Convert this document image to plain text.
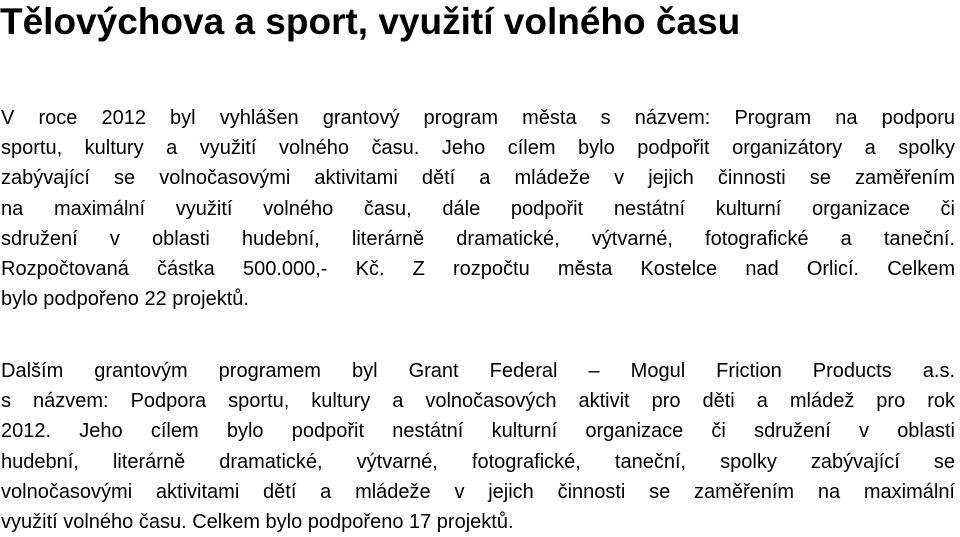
Tělovýchova a sport, využití volného času
V roce 2012 byl vyhlášen grantový program města s názvem: Program na podporu
sportu, kultury a využití volného času. Jeho cílem bylo podpořit organizátory a spolky
zabývající se volnočasovými aktivitami dětí a mládeže v jejich činnosti se zaměřením
na maximální využití volného času, dále podpořit nestátní kulturní organizace či
sdružení v oblasti hudební, literárně dramatické, výtvarné, fotografické a taneční.
Rozpočtovaná částka 500.000,- Kč. Z rozpočtu města Kostelce nad Orlicí. Celkem
bylo podpořeno 22 projektů.
Dalším grantovým programem byl Grant Federal – Mogul Friction Products a.s.
s názvem: Podpora sportu, kultury a volnočasových aktivit pro děti a mládež pro rok
2012. Jeho cílem bylo podpořit nestátní kulturní organizace či sdružení v oblasti
hudební, literárně dramatické, výtvarné, fotografické, taneční, spolky zabývající se
volnočasovými aktivitami dětí a mládeže v jejich činnosti se zaměřením na maximální
využití volného času. Celkem bylo podpořeno 17 projektů.
